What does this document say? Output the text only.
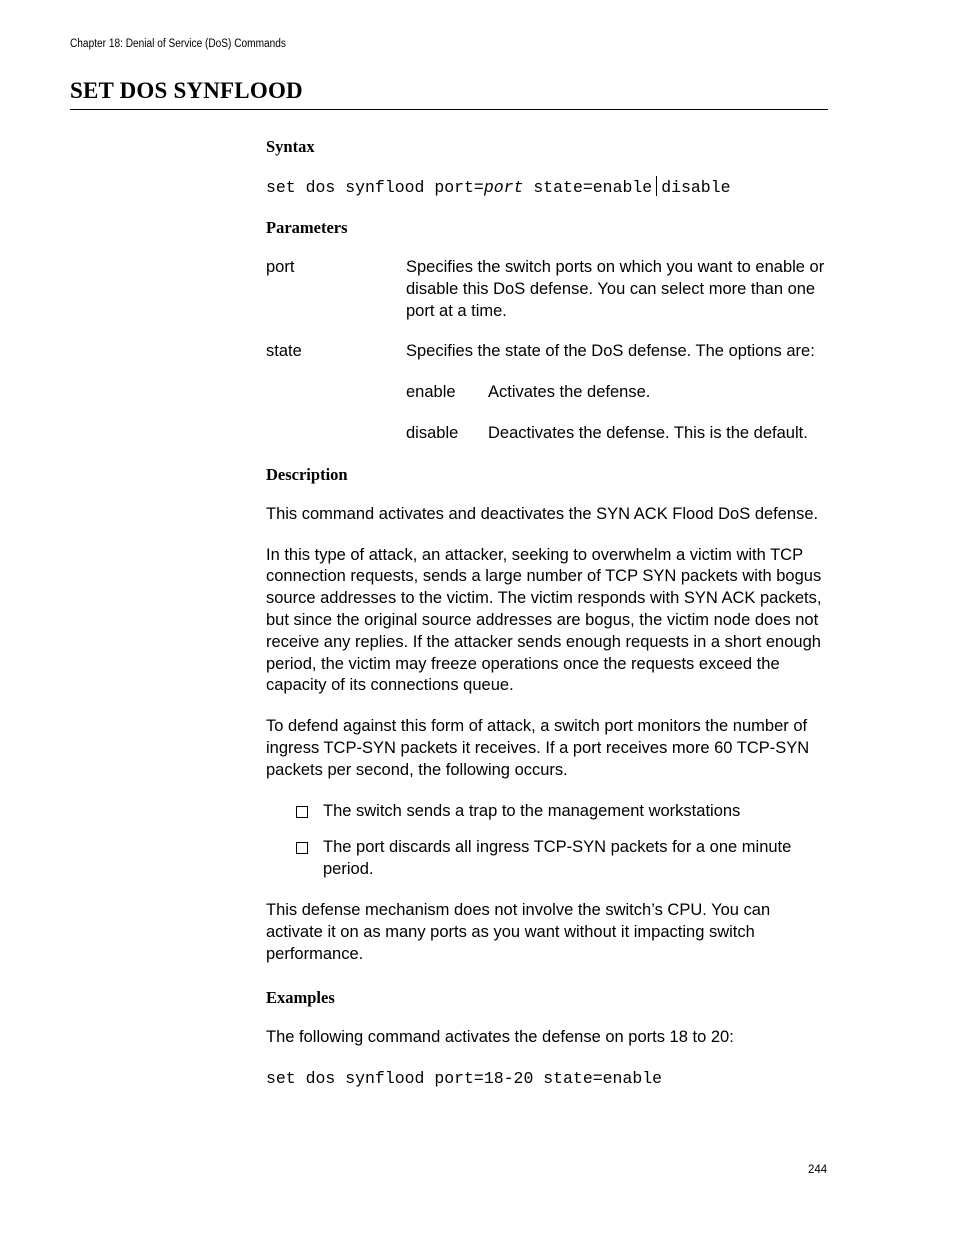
Chapter 18: Denial of Service (DoS) Commands
SET DOS SYNFLOOD
Syntax
set dos synflood port=port state=enable disable
Parameters
port	Specifies the switch ports on which you want to enable or disable this DoS defense. You can select more than one port at a time.
state	Specifies the state of the DoS defense. The options are:
enable	Activates the defense.
disable	Deactivates the defense. This is the default.
Description

This command activates and deactivates the SYN ACK Flood DoS defense.

In this type of attack, an attacker, seeking to overwhelm a victim with TCP connection requests, sends a large number of TCP SYN packets with bogus source addresses to the victim. The victim responds with SYN ACK packets, but since the original source addresses are bogus, the victim node does not receive any replies. If the attacker sends enough requests in a short enough period, the victim may freeze operations once the requests exceed the capacity of its connections queue.

To defend against this form of attack, a switch port monitors the number of ingress TCP-SYN packets it receives. If a port receives more 60 TCP-SYN packets per second, the following occurs.

The switch sends a trap to the management workstations
The port discards all ingress TCP-SYN packets for a one minute period.

This defense mechanism does not involve the switch’s CPU. You can activate it on as many ports as you want without it impacting switch performance.

Examples

The following command activates the defense on ports 18 to 20:

set dos synflood port=18-20 state=enable
244
